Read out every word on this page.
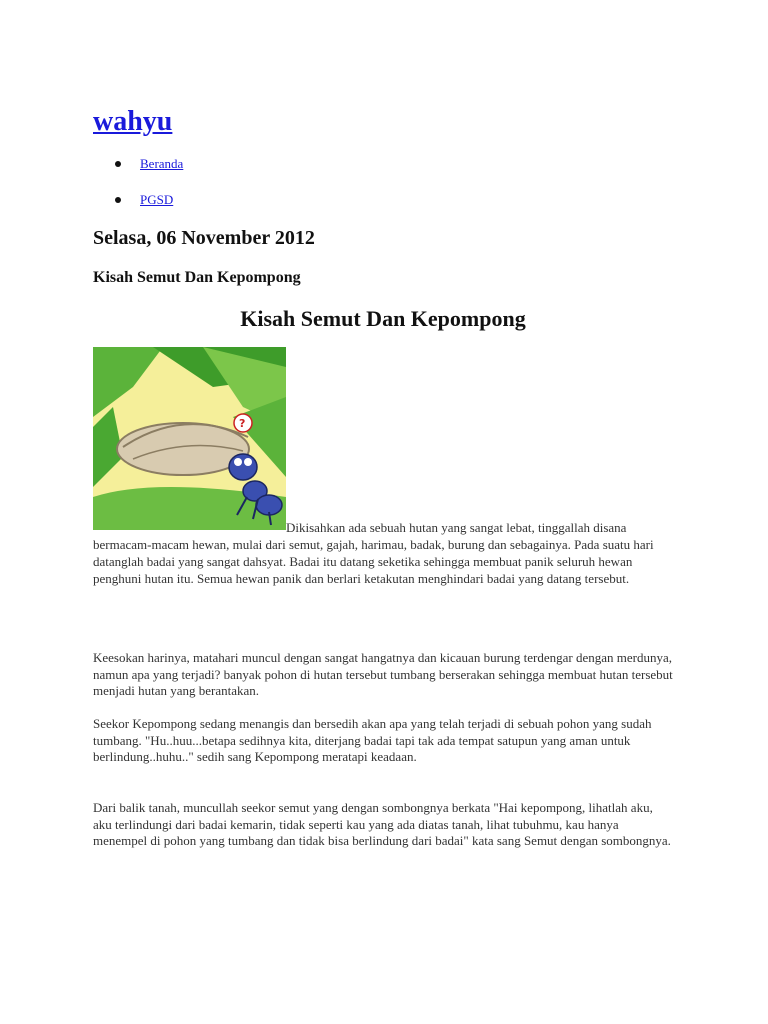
wahyu
Beranda
PGSD
Selasa, 06 November 2012
Kisah Semut Dan Kepompong
Kisah Semut Dan Kepompong
?
Dikisahkan ada sebuah hutan yang sangat lebat, tinggallah disana bermacam-macam hewan, mulai dari semut, gajah, harimau, badak, burung dan sebagainya. Pada suatu hari datanglah badai yang sangat dahsyat. Badai itu datang seketika sehingga membuat panik seluruh hewan penghuni hutan itu. Semua hewan panik dan berlari ketakutan menghindari badai yang datang tersebut.
Keesokan harinya, matahari muncul dengan sangat hangatnya dan kicauan burung terdengar dengan merdunya, namun apa yang terjadi? banyak pohon di hutan tersebut tumbang berserakan sehingga membuat hutan tersebut menjadi hutan yang berantakan.
Seekor Kepompong sedang menangis dan bersedih akan apa yang telah terjadi di sebuah pohon yang sudah tumbang. "Hu..huu...betapa sedihnya kita, diterjang badai tapi tak ada tempat satupun yang aman untuk berlindung..huhu.." sedih sang Kepompong meratapi keadaan.
Dari balik tanah, muncullah seekor semut yang dengan sombongnya berkata "Hai kepompong, lihatlah aku, aku terlindungi dari badai kemarin, tidak seperti kau yang ada diatas tanah, lihat tubuhmu, kau hanya menempel di pohon yang tumbang dan tidak bisa berlindung dari badai" kata sang Semut dengan sombongnya.
